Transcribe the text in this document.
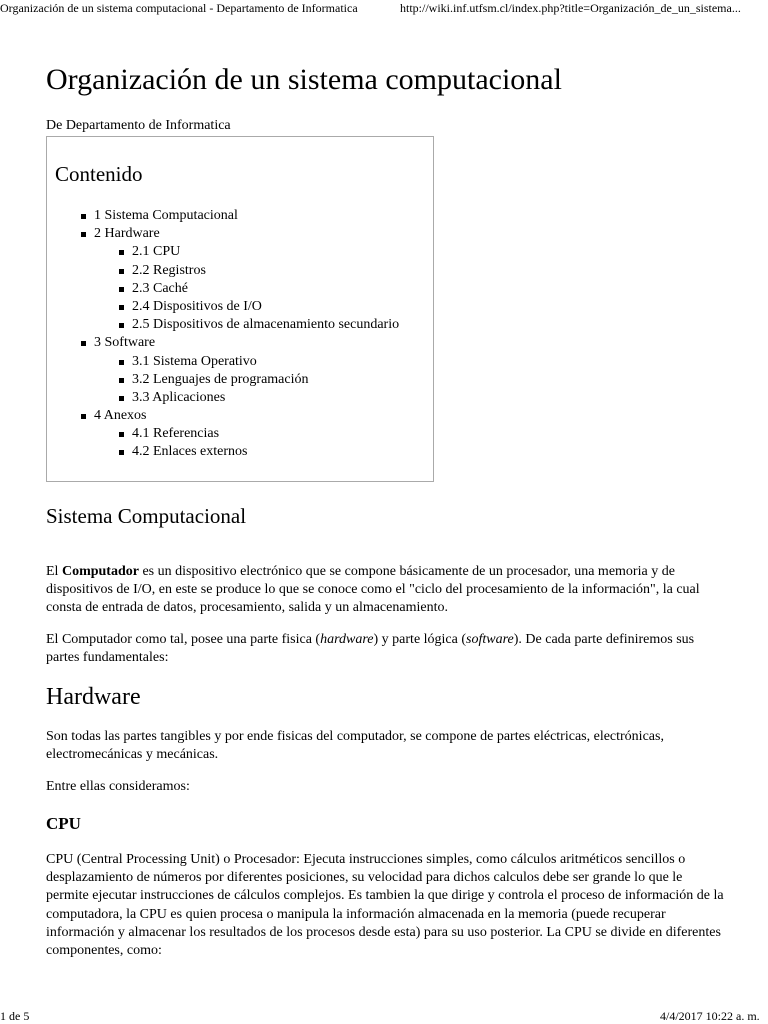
Organización de un sistema computacional - Departamento de Informatica	http://wiki.inf.utfsm.cl/index.php?title=Organización_de_un_sistema...
Organización de un sistema computacional
De Departamento de Informatica
Contenido
1 Sistema Computacional
2 Hardware
2.1 CPU
2.2 Registros
2.3 Caché
2.4 Dispositivos de I/O
2.5 Dispositivos de almacenamiento secundario
3 Software
3.1 Sistema Operativo
3.2 Lenguajes de programación
3.3 Aplicaciones
4 Anexos
4.1 Referencias
4.2 Enlaces externos
Sistema Computacional

El Computador es un dispositivo electrónico que se compone básicamente de un procesador, una memoria y de dispositivos de I/O, en este se produce lo que se conoce como el "ciclo del procesamiento de la información", la cual consta de entrada de datos, procesamiento, salida y un almacenamiento.

El Computador como tal, posee una parte fisica (hardware) y parte lógica (software). De cada parte definiremos sus partes fundamentales:

Hardware

Son todas las partes tangibles y por ende fisicas del computador, se compone de partes eléctricas, electrónicas, electromecánicas y mecánicas.

Entre ellas consideramos:

CPU

CPU (Central Processing Unit) o Procesador: Ejecuta instrucciones simples, como cálculos aritméticos sencillos o desplazamiento de números por diferentes posiciones, su velocidad para dichos calculos debe ser grande lo que le permite ejecutar instrucciones de cálculos complejos. Es tambien la que dirige y controla el proceso de información de la computadora, la CPU es quien procesa o manipula la información almacenada en la memoria (puede recuperar información y almacenar los resultados de los procesos desde esta) para su uso posterior. La CPU se divide en diferentes componentes, como:

1 de 5	4/4/2017 10:22 a. m.
